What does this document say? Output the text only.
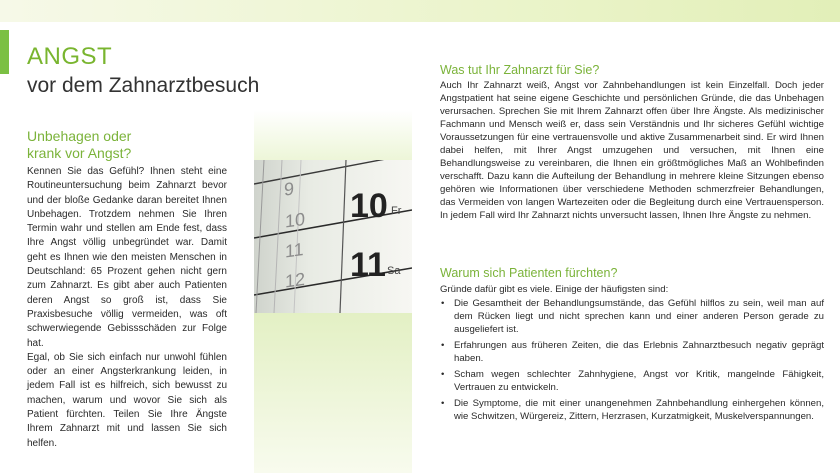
ANGST
vor dem Zahnarztbesuch
Unbehagen oder
krank vor Angst?

Kennen Sie das Gefühl? Ihnen steht eine Routineuntersuchung beim Zahnarzt bevor und der bloße Gedanke daran bereitet Ihnen Unbehagen. Trotzdem nehmen Sie Ihren Termin wahr und stellen am Ende fest, dass Ihre Angst völlig unbegründet war. Damit geht es Ihnen wie den meisten Menschen in Deutschland: 65 Prozent gehen nicht gern zum Zahnarzt. Es gibt aber auch Patienten deren Angst so groß ist, dass Sie Praxisbesuche völlig vermeiden, was oft schwerwiegende Gebissschäden zur Folge hat.

Egal, ob Sie sich einfach nur unwohl fühlen oder an einer Angsterkrankung leiden, in jedem Fall ist es hilfreich, sich bewusst zu machen, warum und wovor Sie sich als Patient fürchten. Teilen Sie Ihre Ängste Ihrem Zahnarzt mit und lassen Sie sich helfen.

9
10
11
12
10 Fr
11 Sa
Was tut Ihr Zahnarzt für Sie?
Auch Ihr Zahnarzt weiß, Angst vor Zahnbehandlungen ist kein Einzelfall. Doch jeder Angstpatient hat seine eigene Geschichte und persönlichen Gründe, die das Unbehagen verursachen. Sprechen Sie mit Ihrem Zahnarzt offen über Ihre Ängste. Als medizinischer Fachmann und Mensch weiß er, dass sein Verständnis und Ihr sicheres Gefühl wichtige Voraussetzungen für eine vertrauensvolle und aktive Zusammenarbeit sind. Er wird Ihnen dabei helfen, mit Ihrer Angst umzugehen und versuchen, mit Ihnen eine Behandlungsweise zu vereinbaren, die Ihnen ein größtmögliches Maß an Wohlbefinden verschafft. Dazu kann die Aufteilung der Behandlung in mehrere kleine Sitzungen ebenso gehören wie Informationen über verschiedene Methoden schmerzfreier Behandlungen, das Vermeiden von langen Wartezeiten oder die Begleitung durch eine Vertrauensperson. In jedem Fall wird Ihr Zahnarzt nichts unversucht lassen, Ihnen Ihre Ängste zu nehmen.
Warum sich Patienten fürchten?
Gründe dafür gibt es viele. Einige der häufigsten sind:
• Die Gesamtheit der Behandlungsumstände, das Gefühl hilflos zu sein, weil man auf dem Rücken liegt und nicht sprechen kann und einer anderen Person gerade zu ausgeliefert ist.
• Erfahrungen aus früheren Zeiten, die das Erlebnis Zahnarztbesuch negativ geprägt haben.
• Scham wegen schlechter Zahnhygiene, Angst vor Kritik, mangelnde Fähigkeit, Vertrauen zu entwickeln.
• Die Symptome, die mit einer unangenehmen Zahnbehandlung einhergehen können, wie Schwitzen, Würgereiz, Zittern, Herzrasen, Kurzatmigkeit, Muskelverspannungen.
